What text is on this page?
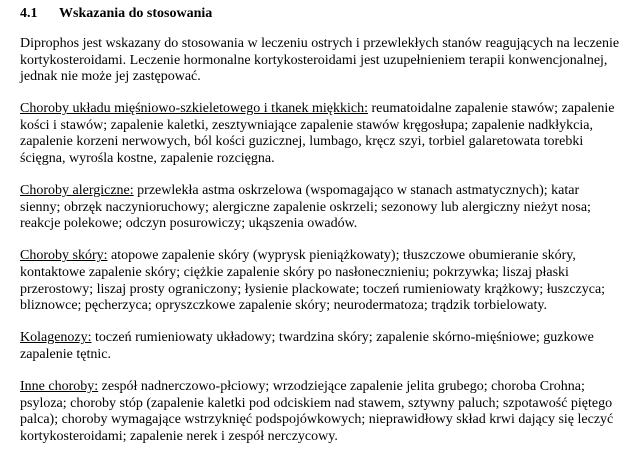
4.1 Wskazania do stosowania

Diprophos jest wskazany do stosowania w leczeniu ostrych i przewlekłych stanów reagujących na leczenie kortykosteroidami. Leczenie hormonalne kortykosteroidami jest uzupełnieniem terapii konwencjonalnej, jednak nie może jej zastępować.

Choroby układu mięśniowo-szkieletowego i tkanek miękkich: reumatoidalne zapalenie stawów; zapalenie kości i stawów; zapalenie kaletki, zesztywniające zapalenie stawów kręgosłupa; zapalenie nadkłykcia, zapalenie korzeni nerwowych, ból kości guzicznej, lumbago, kręcz szyi, torbiel galaretowata torebki ścięgna, wyrośla kostne, zapalenie rozcięgna.

Choroby alergiczne: przewlekła astma oskrzelowa (wspomagająco w stanach astmatycznych); katar sienny; obrzęk naczynioruchowy; alergiczne zapalenie oskrzeli; sezonowy lub alergiczny nieżyt nosa; reakcje polekowe; odczyn posurowiczy; ukąszenia owadów.

Choroby skóry: atopowe zapalenie skóry (wyprysk pieniążkowaty); tłuszczowe obumieranie skóry, kontaktowe zapalenie skóry; ciężkie zapalenie skóry po nasłonecznieniu; pokrzywka; liszaj płaski przerostowy; liszaj prosty ograniczony; łysienie plackowate; toczeń rumieniowaty krążkowy; łuszczyca; bliznowce; pęcherzyca; opryszczkowe zapalenie skóry; neurodermatoza; trądzik torbielowaty.

Kolagenozy: toczeń rumieniowaty układowy; twardzina skóry; zapalenie skórno-mięśniowe; guzkowe zapalenie tętnic.

Inne choroby: zespół nadnerczowo-płciowy; wrzodziejące zapalenie jelita grubego; choroba Crohna; psyloza; choroby stóp (zapalenie kaletki pod odciskiem nad stawem, sztywny paluch; szpotawość piętego palca); choroby wymagające wstrzyknięć podspojówkowych; nieprawidłowy skład krwi dający się leczyć kortykosteroidami; zapalenie nerek i zespół nerczycowy.
